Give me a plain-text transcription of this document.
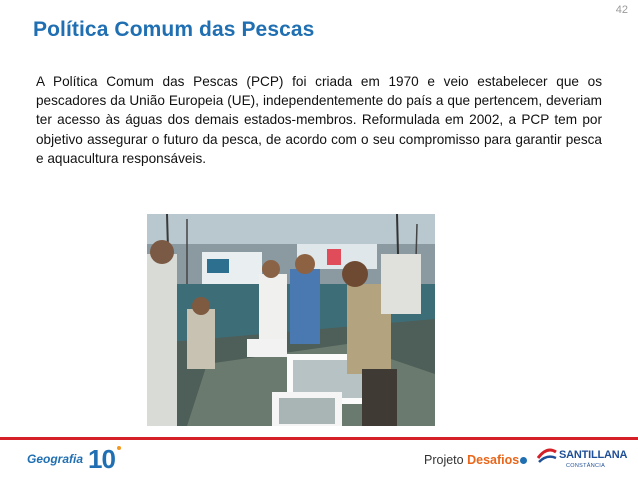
42
Política Comum das Pescas
A Política Comum das Pescas (PCP) foi criada em 1970 e veio estabelecer que os pescadores da União Europeia (UE), independentemente do país a que pertencem, deveriam ter acesso às águas dos demais estados-membros. Reformulada em 2002, a PCP tem por objetivo assegurar o futuro da pesca, de acordo com o seu compromisso para garantir pesca e aquacultura responsáveis.
Geografia 10	Projeto Desafios	SANTILLANA
CONSTÂNCIA
